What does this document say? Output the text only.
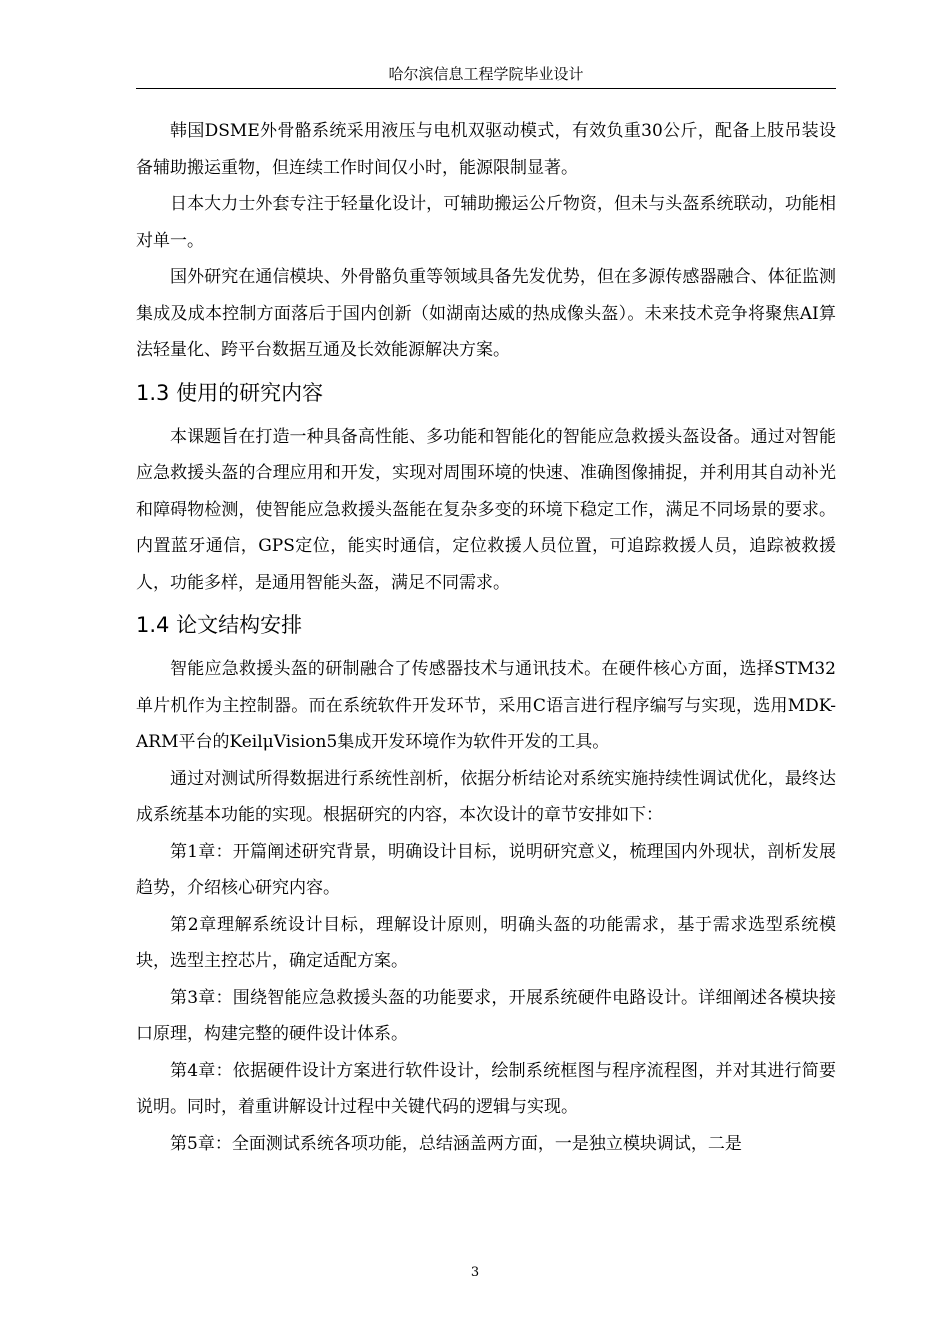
哈尔滨信息工程学院毕业设计

韩国DSME外骨骼系统采用液压与电机双驱动模式，有效负重30公斤，配备上肢吊装设备辅助搬运重物，但连续工作时间仅小时，能源限制显著。

日本大力士外套专注于轻量化设计，可辅助搬运公斤物资，但未与头盔系统联动，功能相对单一。

国外研究在通信模块、外骨骼负重等领域具备先发优势，但在多源传感器融合、体征监测集成及成本控制方面落后于国内创新（如湖南达威的热成像头盔）。未来技术竞争将聚焦AI算法轻量化、跨平台数据互通及长效能源解决方案。

1.3 使用的研究内容

本课题旨在打造一种具备高性能、多功能和智能化的智能应急救援头盔设备。通过对智能应急救援头盔的合理应用和开发，实现对周围环境的快速、准确图像捕捉，并利用其自动补光和障碍物检测，使智能应急救援头盔能在复杂多变的环境下稳定工作，满足不同场景的要求。内置蓝牙通信，GPS定位，能实时通信，定位救援人员位置，可追踪救援人员，追踪被救援人，功能多样，是通用智能头盔，满足不同需求。

1.4 论文结构安排

智能应急救援头盔的研制融合了传感器技术与通讯技术。在硬件核心方面，选择STM32单片机作为主控制器。而在系统软件开发环节，采用C语言进行程序编写与实现，选用MDK-ARM平台的KeilμVision5集成开发环境作为软件开发的工具。

通过对测试所得数据进行系统性剖析，依据分析结论对系统实施持续性调试优化，最终达成系统基本功能的实现。根据研究的内容，本次设计的章节安排如下：

第1章：开篇阐述研究背景，明确设计目标，说明研究意义，梳理国内外现状，剖析发展趋势，介绍核心研究内容。

第2章理解系统设计目标，理解设计原则，明确头盔的功能需求，基于需求选型系统模块，选型主控芯片，确定适配方案。

第3章：围绕智能应急救援头盔的功能要求，开展系统硬件电路设计。详细阐述各模块接口原理，构建完整的硬件设计体系。

第4章：依据硬件设计方案进行软件设计，绘制系统框图与程序流程图，并对其进行简要说明。同时，着重讲解设计过程中关键代码的逻辑与实现。

第5章：全面测试系统各项功能，总结涵盖两方面，一是独立模块调试，二是

3
